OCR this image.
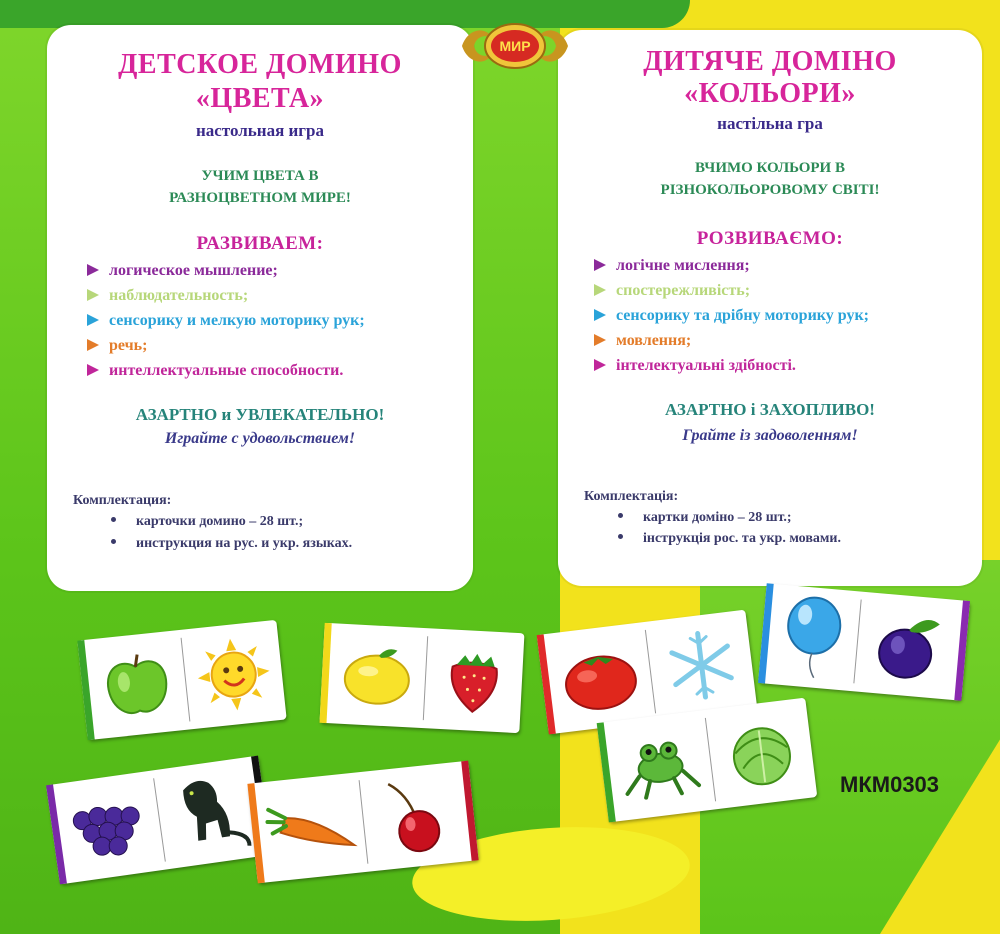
ДЕТСКОЕ ДОМИНО
«ЦВЕТА»
настольная игра
УЧИМ ЦВЕТА В
РАЗНОЦВЕТНОМ МИРЕ!
РАЗВИВАЕМ:
логическое мышление;
наблюдательность;
сенсорику и мелкую моторику рук;
речь;
интеллектуальные способности.
АЗАРТНО и УВЛЕКАТЕЛЬНО!
Играйте с удовольствием!
Комплектация:
карточки домино – 28 шт.;
инструкция на рус. и укр. языках.
ДИТЯЧЕ ДОМІНО
«КОЛЬОРИ»
настільна гра
ВЧИМО КОЛЬОРИ В
РІЗНОКОЛЬОРОВОМУ СВІТІ!
РОЗВИВАЄМО:
логічне мислення;
спостережливість;
сенсорику та дрібну моторику рук;
мовлення;
інтелектуальні здібності.
АЗАРТНО і ЗАХОПЛИВО!
Грайте із задоволенням!
Комплектація:
картки доміно – 28 шт.;
інструкція рос. та укр. мовами.
МИР
МКМ0303
